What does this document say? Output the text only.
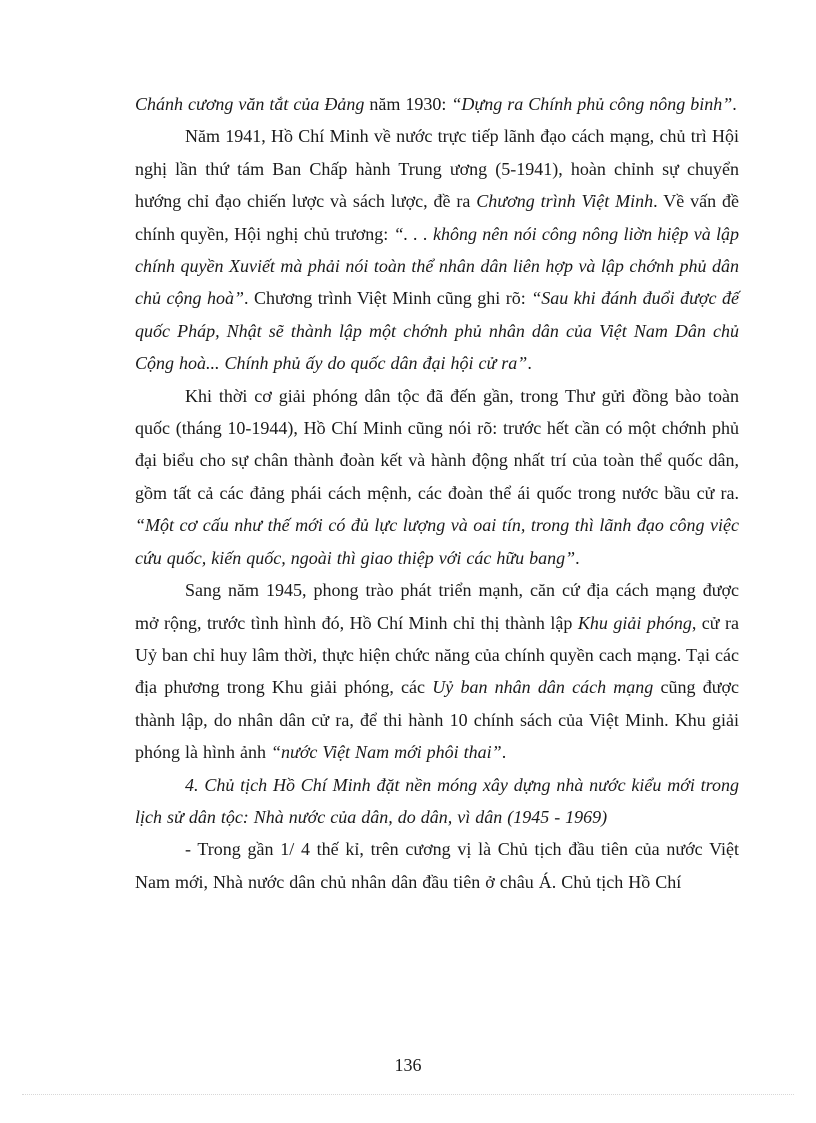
Chánh cương văn tắt của Đảng năm 1930: “Dựng ra Chính phủ công nông binh”.

Năm 1941, Hồ Chí Minh về nước trực tiếp lãnh đạo cách mạng, chủ trì Hội nghị lần thứ tám Ban Chấp hành Trung ương (5-1941), hoàn chỉnh sự chuyển hướng chỉ đạo chiến lược và sách lược, đề ra Chương trình Việt Minh. Về vấn đề chính quyền, Hội nghị chủ trương: “. . . không nên nói công nông liờn hiệp và lập chính quyền Xuviết mà phải nói toàn thể nhân dân liên hợp và lập chớnh phủ dân chủ cộng hoà”. Chương trình Việt Minh cũng ghi rõ: “Sau khi đánh đuổi được đế quốc Pháp, Nhật sẽ thành lập một chớnh phủ nhân dân của Việt Nam Dân chủ Cộng hoà... Chính phủ ấy do quốc dân đại hội cử ra”.

Khi thời cơ giải phóng dân tộc đã đến gần, trong Thư gửi đồng bào toàn quốc (tháng 10-1944), Hồ Chí Minh cũng nói rõ: trước hết cần có một chớnh phủ đại biểu cho sự chân thành đoàn kết và hành động nhất trí của toàn thể quốc dân, gồm tất cả các đảng phái cách mệnh, các đoàn thể ái quốc trong nước bầu cử ra. “Một cơ cấu như thế mới có đủ lực lượng và oai tín, trong thì lãnh đạo công việc cứu quốc, kiến quốc, ngoài thì giao thiệp với các hữu bang”.

Sang năm 1945, phong trào phát triển mạnh, căn cứ địa cách mạng được mở rộng, trước tình hình đó, Hồ Chí Minh chỉ thị thành lập Khu giải phóng, cử ra Uỷ ban chỉ huy lâm thời, thực hiện chức năng của chính quyền cach mạng. Tại các địa phương trong Khu giải phóng, các Uỷ ban nhân dân cách mạng cũng được thành lập, do nhân dân cử ra, để thi hành 10 chính sách của Việt Minh. Khu giải phóng là hình ảnh “nước Việt Nam mới phôi thai”.

4. Chủ tịch Hồ Chí Minh đặt nền móng xây dựng nhà nước kiểu mới trong lịch sử dân tộc: Nhà nước của dân, do dân, vì dân (1945 - 1969)

- Trong gần 1/ 4 thế kỉ, trên cương vị là Chủ tịch đầu tiên của nước Việt Nam mới, Nhà nước dân chủ nhân dân đầu tiên ở châu Á. Chủ tịch Hồ Chí

136
